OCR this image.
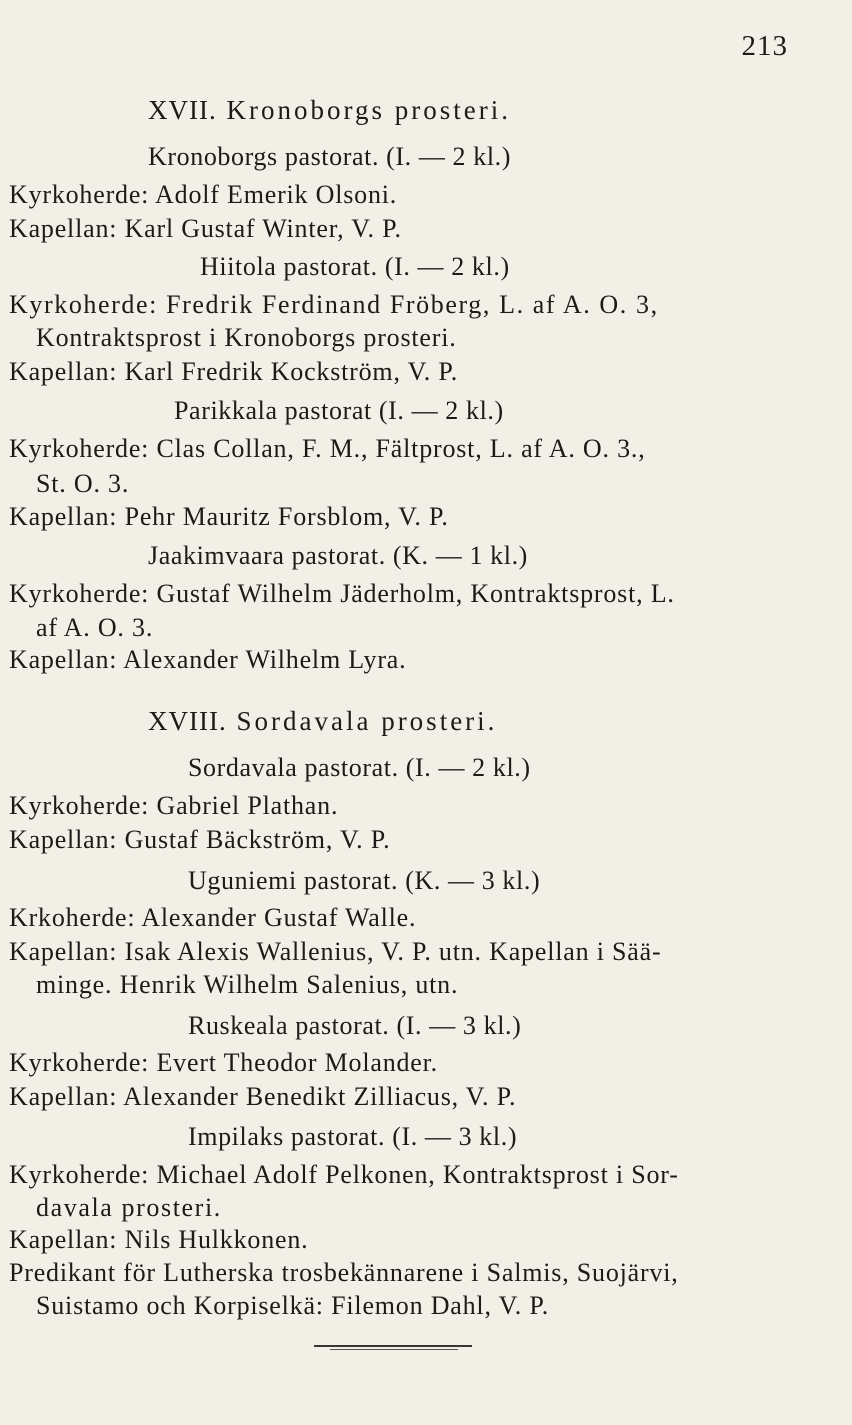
213
XVII. Kronoborgs prosteri.
Kronoborgs pastorat. (I. — 2 kl.)
Kyrkoherde: Adolf Emerik Olsoni.
Kapellan: Karl Gustaf Winter, V. P.
Hiitola pastorat. (I. — 2 kl.)
Kyrkoherde: Fredrik Ferdinand Fröberg, L. af A. O. 3,
Kontraktsprost i Kronoborgs prosteri.
Kapellan: Karl Fredrik Kockström, V. P.
Parikkala pastorat (I. — 2 kl.)
Kyrkoherde: Clas Collan, F. M., Fältprost, L. af A. O. 3.,
St. O. 3.
Kapellan: Pehr Mauritz Forsblom, V. P.
Jaakimvaara pastorat. (K. — 1 kl.)
Kyrkoherde: Gustaf Wilhelm Jäderholm, Kontraktsprost, L.
af A. O. 3.
Kapellan: Alexander Wilhelm Lyra.
XVIII. Sordavala prosteri.
Sordavala pastorat. (I. — 2 kl.)
Kyrkoherde: Gabriel Plathan.
Kapellan: Gustaf Bäckström, V. P.
Uguniemi pastorat. (K. — 3 kl.)
Krkoherde: Alexander Gustaf Walle.
Kapellan: Isak Alexis Wallenius, V. P. utn. Kapellan i Sää-
minge. Henrik Wilhelm Salenius, utn.
Ruskeala pastorat. (I. — 3 kl.)
Kyrkoherde: Evert Theodor Molander.
Kapellan: Alexander Benedikt Zilliacus, V. P.
Impilaks pastorat. (I. — 3 kl.)
Kyrkoherde: Michael Adolf Pelkonen, Kontraktsprost i Sor-
davala prosteri.
Kapellan: Nils Hulkkonen.
Predikant för Lutherska trosbekännarene i Salmis, Suojärvi,
Suistamo och Korpiselkä: Filemon Dahl, V. P.
